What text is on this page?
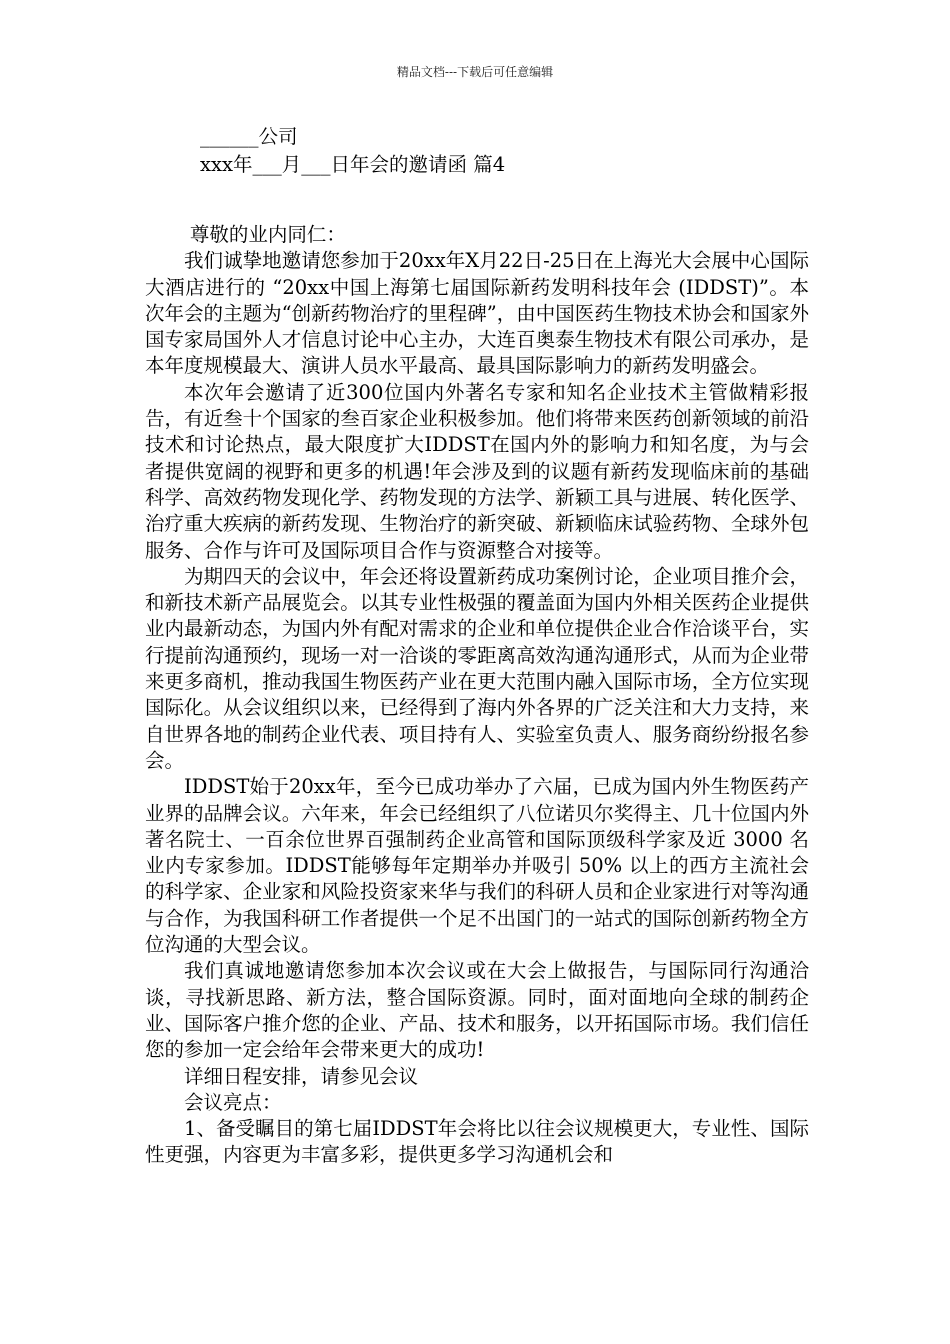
精品文档---下载后可任意编辑
______公司
xxx年___月___日年会的邀请函 篇4

尊敬的业内同仁：

我们诚挚地邀请您参加于20xx年X月22日-25日在上海光大会展中心国际大酒店进行的 “20xx中国上海第七届国际新药发明科技年会 (IDDST)”。本次年会的主题为“创新药物治疗的里程碑”，由中国医药生物技术协会和国家外国专家局国外人才信息讨论中心主办，大连百奥泰生物技术有限公司承办，是本年度规模最大、演讲人员水平最高、最具国际影响力的新药发明盛会。

本次年会邀请了近300位国内外著名专家和知名企业技术主管做精彩报告，有近叁十个国家的叁百家企业积极参加。他们将带来医药创新领域的前沿技术和讨论热点，最大限度扩大IDDST在国内外的影响力和知名度，为与会者提供宽阔的视野和更多的机遇!年会涉及到的议题有新药发现临床前的基础科学、高效药物发现化学、药物发现的方法学、新颖工具与进展、转化医学、治疗重大疾病的新药发现、生物治疗的新突破、新颖临床试验药物、全球外包服务、合作与许可及国际项目合作与资源整合对接等。

为期四天的会议中，年会还将设置新药成功案例讨论，企业项目推介会，和新技术新产品展览会。以其专业性极强的覆盖面为国内外相关医药企业提供业内最新动态，为国内外有配对需求的企业和单位提供企业合作洽谈平台，实行提前沟通预约，现场一对一洽谈的零距离高效沟通沟通形式，从而为企业带来更多商机，推动我国生物医药产业在更大范围内融入国际市场，全方位实现国际化。从会议组织以来，已经得到了海内外各界的广泛关注和大力支持，来自世界各地的制药企业代表、项目持有人、实验室负责人、服务商纷纷报名参会。

IDDST始于20xx年，至今已成功举办了六届，已成为国内外生物医药产业界的品牌会议。六年来，年会已经组织了八位诺贝尔奖得主、几十位国内外著名院士、一百余位世界百强制药企业高管和国际顶级科学家及近 3000 名业内专家参加。IDDST能够每年定期举办并吸引 50% 以上的西方主流社会的科学家、企业家和风险投资家来华与我们的科研人员和企业家进行对等沟通与合作，为我国科研工作者提供一个足不出国门的一站式的国际创新药物全方位沟通的大型会议。

我们真诚地邀请您参加本次会议或在大会上做报告，与国际同行沟通洽谈，寻找新思路、新方法，整合国际资源。同时，面对面地向全球的制药企业、国际客户推介您的企业、产品、技术和服务，以开拓国际市场。我们信任您的参加一定会给年会带来更大的成功!

详细日程安排，请参见会议

会议亮点：

1、备受瞩目的第七届IDDST年会将比以往会议规模更大，专业性、国际性更强，内容更为丰富多彩，提供更多学习沟通机会和
